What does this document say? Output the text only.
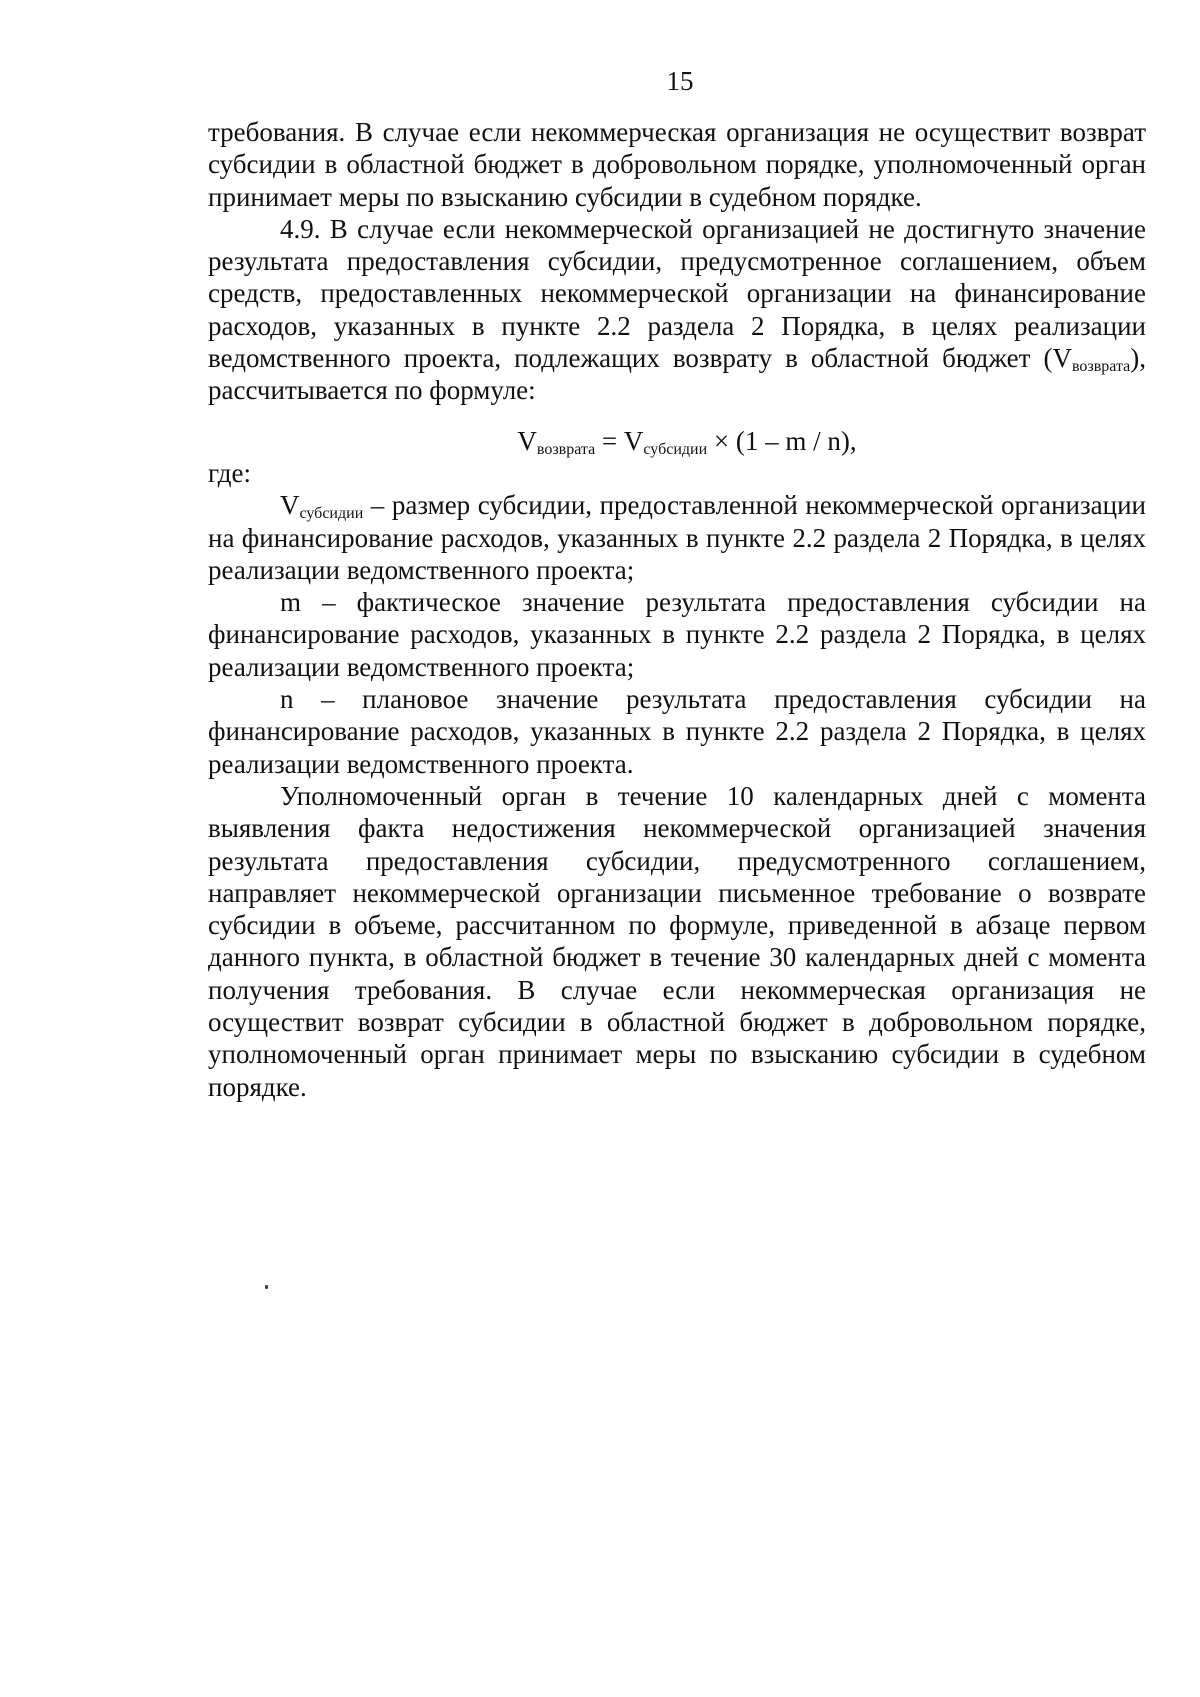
15

требования. В случае если некоммерческая организация не осуществит возврат субсидии в областной бюджет в добровольном порядке, уполномоченный орган принимает меры по взысканию субсидии в судебном порядке.

4.9. В случае если некоммерческой организацией не достигнуто значение результата предоставления субсидии, предусмотренное соглашением, объем средств, предоставленных некоммерческой организации на финансирование расходов, указанных в пункте 2.2 раздела 2 Порядка, в целях реализации ведомственного проекта, подлежащих возврату в областной бюджет $(V_{возврата})$, рассчитывается по формуле:

$V_{возврата} = V_{субсидии} \times (1 - m / n)$,

где:

$V_{субсидии}$ – размер субсидии, предоставленной некоммерческой организации на финансирование расходов, указанных в пункте 2.2 раздела 2 Порядка, в целях реализации ведомственного проекта;

m – фактическое значение результата предоставления субсидии на финансирование расходов, указанных в пункте 2.2 раздела 2 Порядка, в целях реализации ведомственного проекта;

n – плановое значение результата предоставления субсидии на финансирование расходов, указанных в пункте 2.2 раздела 2 Порядка, в целях реализации ведомственного проекта.

Уполномоченный орган в течение 10 календарных дней с момента выявления факта недостижения некоммерческой организацией значения результата предоставления субсидии, предусмотренного соглашением, направляет некоммерческой организации письменное требование о возврате субсидии в объеме, рассчитанном по формуле, приведенной в абзаце первом данного пункта, в областной бюджет в течение 30 календарных дней с момента получения требования. В случае если некоммерческая организация не осуществит возврат субсидии в областной бюджет в добровольном порядке, уполномоченный орган принимает меры по взысканию субсидии в судебном порядке.
